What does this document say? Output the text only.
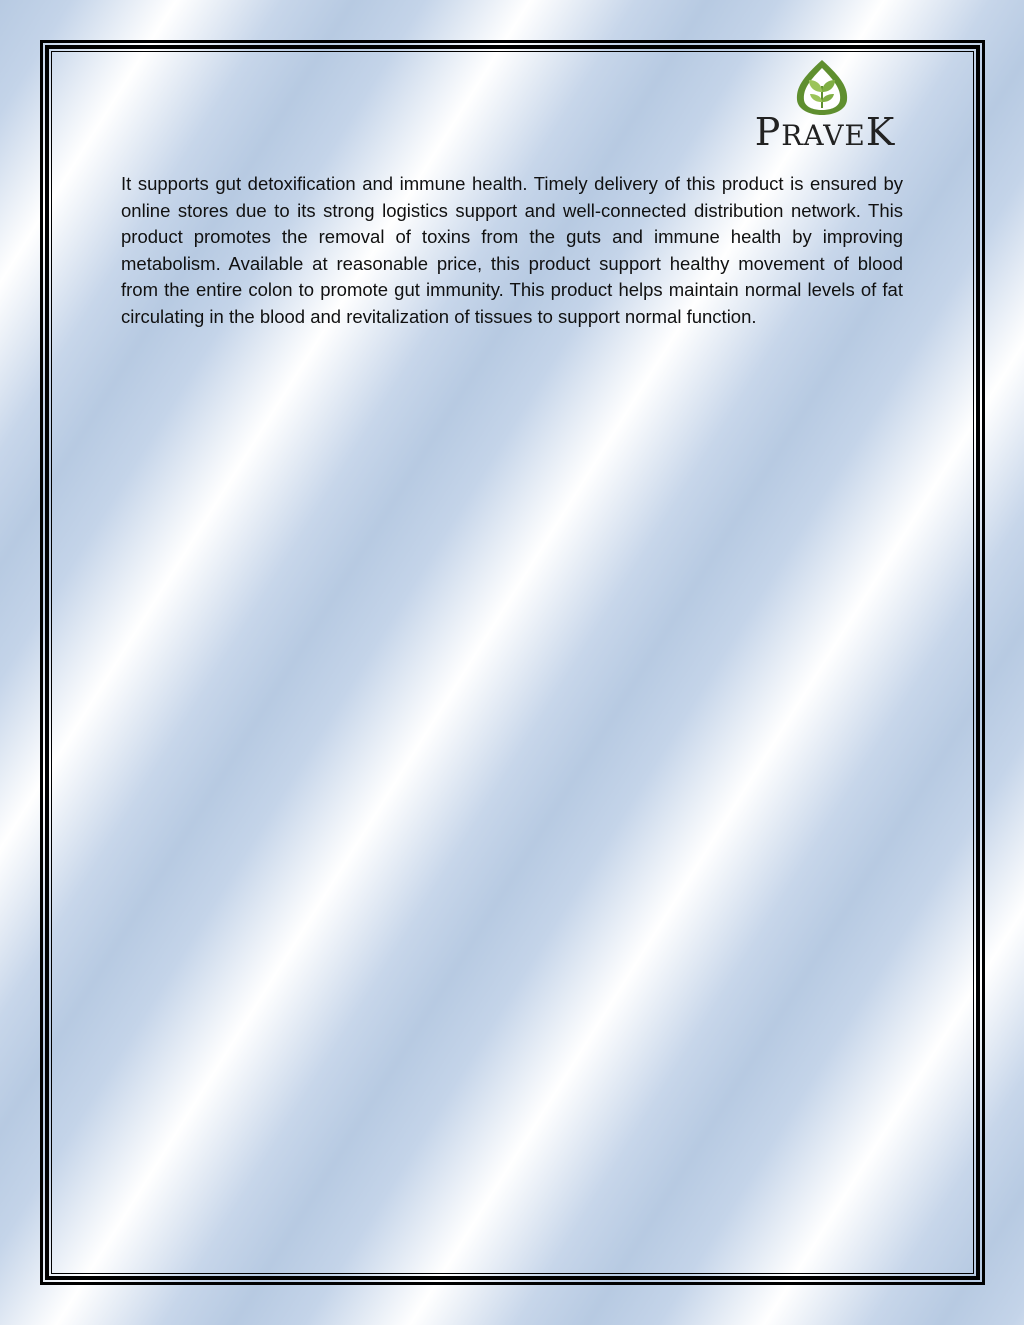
PRAVEK

It supports gut detoxification and immune health. Timely delivery of this product is ensured by online stores due to its strong logistics support and well-connected distribution network. This product promotes the removal of toxins from the guts and immune health by improving metabolism. Available at reasonable price, this product support healthy movement of blood from the entire colon to promote gut immunity. This product helps maintain normal levels of fat circulating in the blood and revitalization of tissues to support normal function.
